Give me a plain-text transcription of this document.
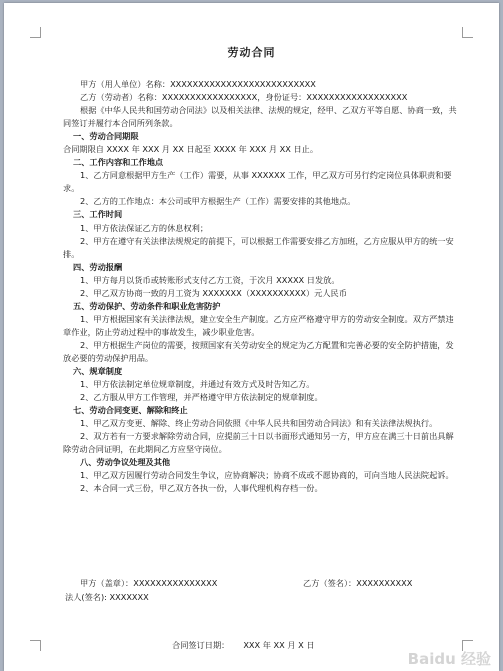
劳动合同
甲方（用人单位）名称：XXXXXXXXXXXXXXXXXXXXXXXXXX
乙方（劳动者）名称：XXXXXXXXXXXXXXXXX，身份证号：XXXXXXXXXXXXXXXXXX
根据《中华人民共和国劳动合同法》以及相关法律、法规的规定，经甲、乙双方平等自愿、协商一致，共同签订并履行本合同所列条款。
一、劳动合同期限
合同期限自 XXXX 年 XXX 月 XX 日起至 XXXX 年 XXX 月 XX 日止。
二、工作内容和工作地点
1、乙方同意根据甲方生产（工作）需要，从事 XXXXXX 工作，甲乙双方可另行约定岗位具体职责和要求。
2、乙方的工作地点：本公司或甲方根据生产（工作）需要安排的其他地点。
三、工作时间
1、甲方依法保证乙方的休息权利；
2、甲方在遵守有关法律法规规定的前提下，可以根据工作需要安排乙方加班，乙方应服从甲方的统一安排。
四、劳动报酬
1、甲方每月以货币或转账形式支付乙方工资，于次月 XXXXX 日发放。
2、甲乙双方协商一致的月工资为 XXXXXXX（XXXXXXXXXX）元人民币
五、劳动保护、劳动条件和职业危害防护
1、甲方根据国家有关法律法规，建立安全生产制度。乙方应严格遵守甲方的劳动安全制度。双方严禁违章作业，防止劳动过程中的事故发生，减少职业危害。
2、甲方根据生产岗位的需要，按照国家有关劳动安全的规定为乙方配置和完善必要的安全防护措施，发放必要的劳动保护用品。
六、规章制度
1、甲方依法制定单位规章制度，并通过有效方式及时告知乙方。
2、乙方服从甲方工作管理，并严格遵守甲方依法制定的规章制度。
七、劳动合同变更、解除和终止
1、甲乙双方变更、解除、终止劳动合同依照《中华人民共和国劳动合同法》和有关法律法规执行。
2、双方若有一方要求解除劳动合同，应提前三十日以书面形式通知另一方，甲方应在满三十日前出具解除劳动合同证明，在此期间乙方应坚守岗位。
八、劳动争议处理及其他
1、甲乙双方因履行劳动合同发生争议，应协商解决；协商不成或不愿协商的，可向当地人民法院起诉。
2、本合同一式三份，甲乙双方各执一份，人事代理机构存档一份。
甲方（盖章）：XXXXXXXXXXXXXXX	乙方（签名）：XXXXXXXXXX
法人(签名): XXXXXXX
合同签订日期： XXX 年 XX 月 X 日
Baidu 经验
